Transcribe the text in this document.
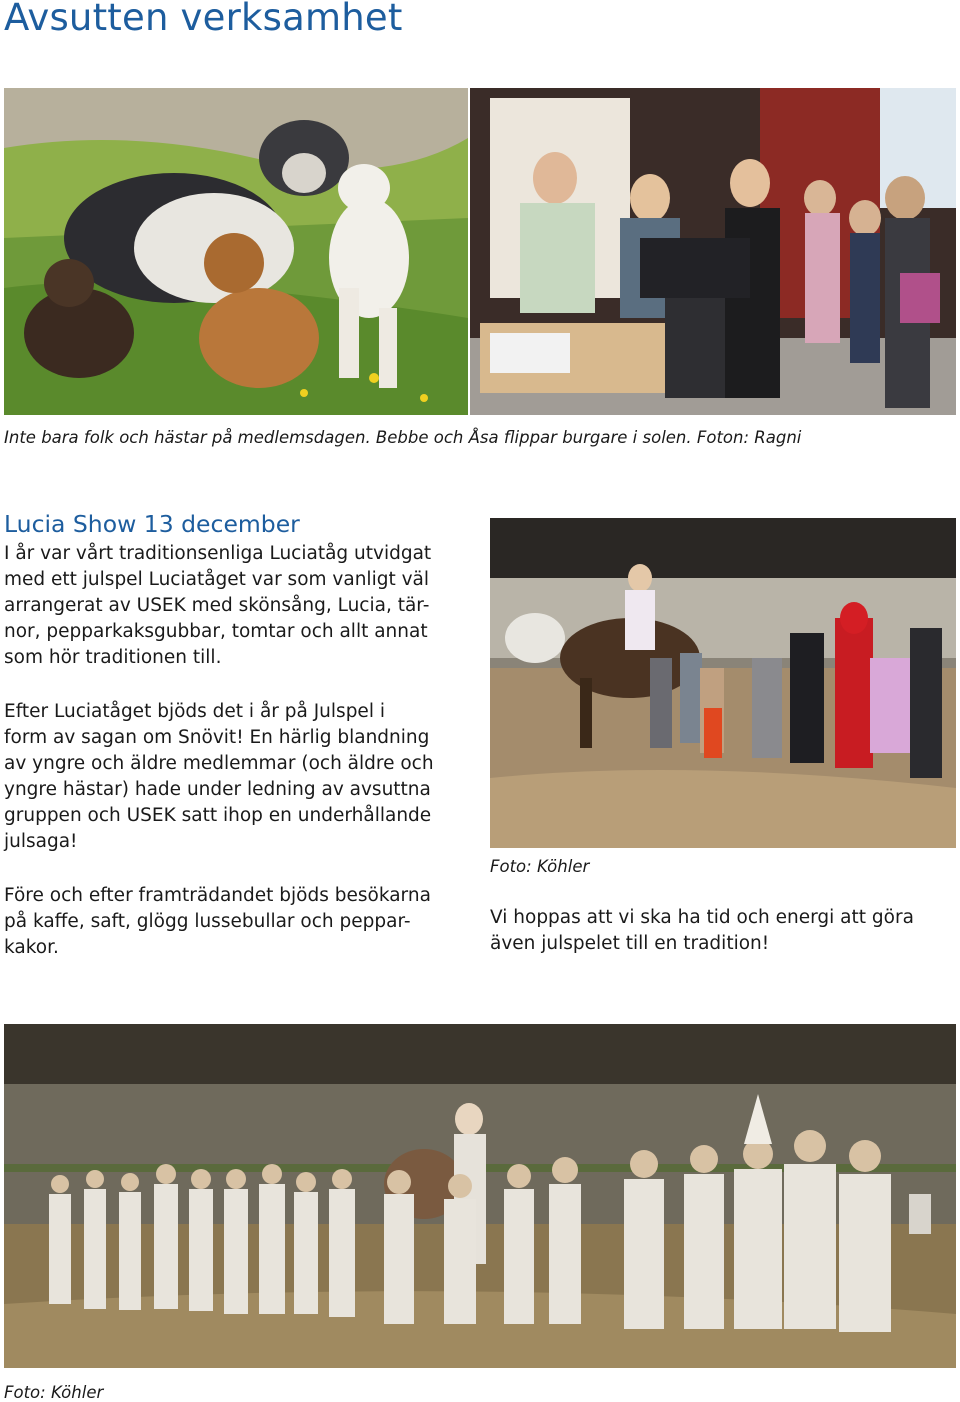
Avsutten verksamhet
Inte bara folk och hästar på medlemsdagen. Bebbe och Åsa flippar burgare i solen. Foton: Ragni
Lucia Show 13 december
I år var vårt traditionsenliga Luciatåg utvidgat
med ett julspel Luciatåget var som vanligt väl
arrangerat av USEK med skönsång, Lucia, tär-
nor, pepparkaksgubbar, tomtar och allt annat
som hör traditionen till.
Efter Luciatåget bjöds det i år på Julspel i
form av sagan om Snövit! En härlig blandning
av yngre och äldre medlemmar (och äldre och
yngre hästar) hade under ledning av avsuttna
gruppen och USEK satt ihop en underhållande
julsaga!
Före och efter framträdandet bjöds besökarna
på kaffe, saft, glögg lussebullar och peppar-
kakor.
Foto: Köhler
Vi hoppas att vi ska ha tid och energi att göra
även julspelet till en tradition!
Foto: Köhler
